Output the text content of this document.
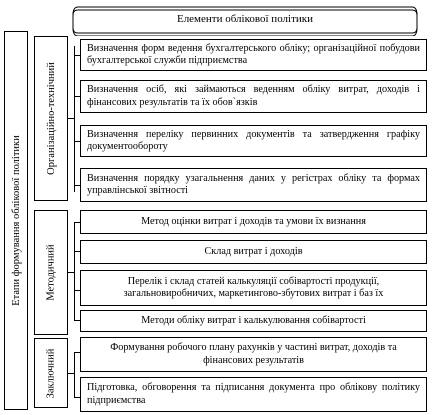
Елементи облікової політики
Етапи формування облікової політики
Організаційно-технічний
Визначення форм ведення бухгалтерського обліку; організаційної побудови бухгалтерської служби підприємства
Визначення осіб, які займаються веденням обліку витрат, доходів і фінансових результатів та їх обов`язків
Визначення переліку первинних документів та затвердження графіку документообороту
Визначення порядку узагальнення даних у регістрах обліку та формах управлінської звітності
Методичний
Метод оцінки витрат і доходів та умови їх визнання
Склад витрат і доходів
Перелік і склад статей калькуляції собівартості продукції, загальновиробничих, маркетингово-збутових витрат і баз їх
Методи обліку витрат і калькулювання собівартості
Заключний
Формування робочого плану рахунків у частині витрат, доходів та фінансових результатів
Підготовка, обговорення та підписання документа про облікову політику підприємства
